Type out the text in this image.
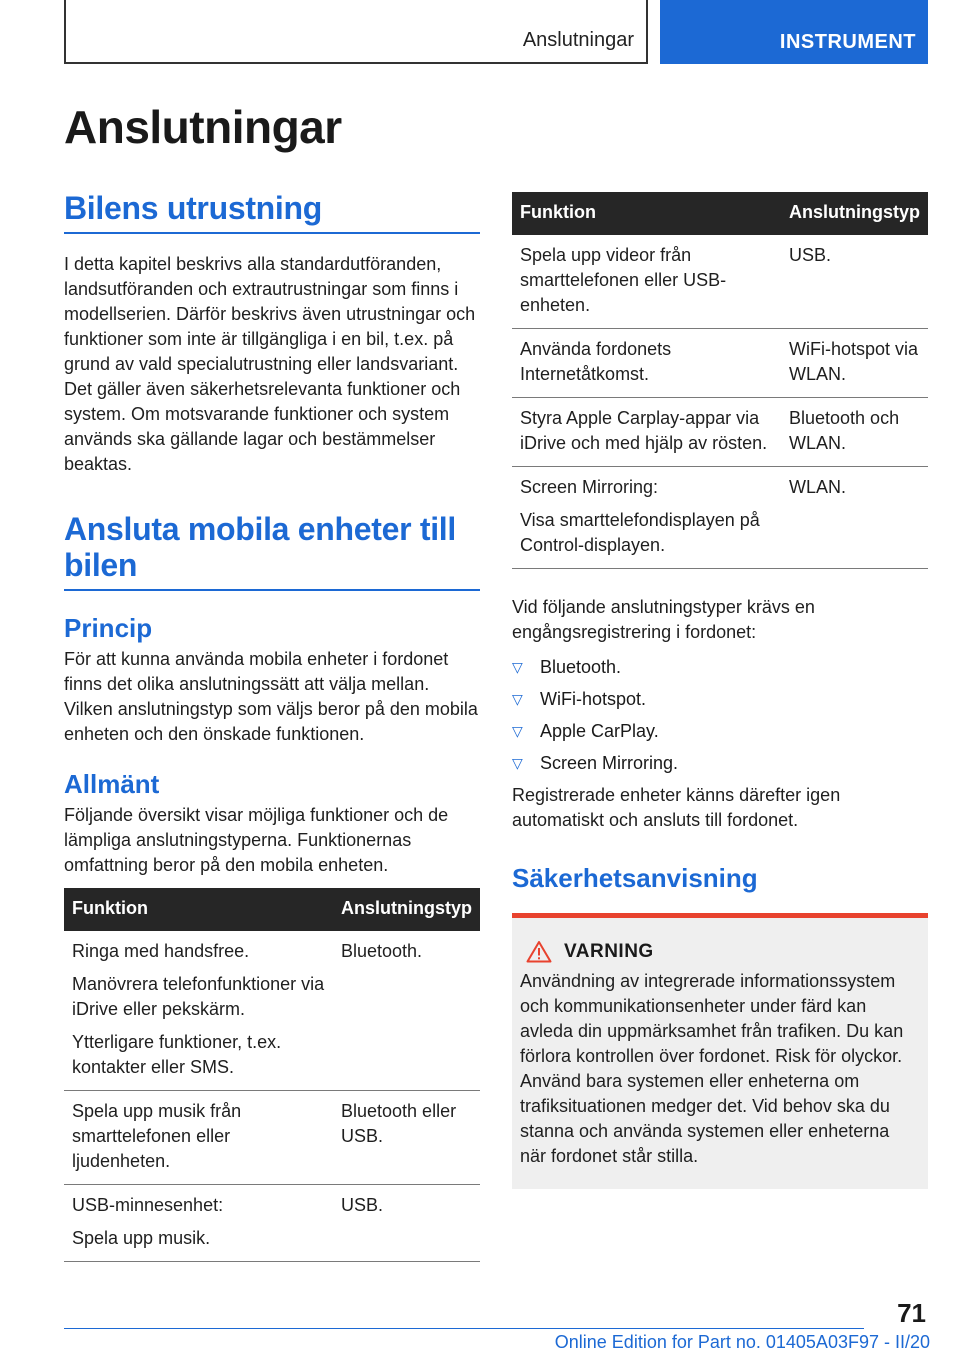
Anslutningar	INSTRUMENT
Anslutningar
Bilens utrustning

I detta kapitel beskrivs alla standardutföranden, landsutföranden och extrautrustningar som finns i modellserien. Därför beskrivs även utrustningar och funktioner som inte är tillgängliga i en bil, t.ex. på grund av vald specialutrustning eller landsvariant. Det gäller även säkerhetsrelevanta funktioner och system. Om motsvarande funktioner och system används ska gällande lagar och bestämmelser beaktas.

Ansluta mobila enheter till bilen
Princip

För att kunna använda mobila enheter i fordonet finns det olika anslutningssätt att välja mellan. Vilken anslutningstyp som väljs beror på den mobila enheten och den önskade funktionen.

Allmänt

Följande översikt visar möjliga funktioner och de lämpliga anslutningstyperna. Funktionernas omfattning beror på den mobila enheten.

Funktion	Anslutningstyp

Ringa med handsfree.

Manövrera telefonfunktioner via iDrive eller pekskärm.

Ytterligare funktioner, t.ex. kontakter eller SMS.	Bluetooth.

Spela upp musik från smarttelefonen eller ljudenheten.	Bluetooth eller USB.

USB-minnesenhet:

Spela upp musik.	USB.
Funktion	Anslutningstyp

Spela upp videor från smarttelefonen eller USB-enheten.	USB.

Använda fordonets Internetåtkomst.	WiFi-hotspot via WLAN.

Styra Apple Carplay-appar via iDrive och med hjälp av rösten.	Bluetooth och WLAN.

Screen Mirroring:

Visa smarttelefondisplayen på Control-displayen.	WLAN.

Vid följande anslutningstyper krävs en engångsregistrering i fordonet:

▽ Bluetooth.
▽ WiFi-hotspot.
▽ Apple CarPlay.
▽ Screen Mirroring.

Registrerade enheter känns därefter igen automatiskt och ansluts till fordonet.

Säkerhetsanvisning
VARNING

Användning av integrerade informationssystem och kommunikationsenheter under färd kan avleda din uppmärksamhet från trafiken. Du kan förlora kontrollen över fordonet. Risk för olyckor. Använd bara systemen eller enheterna om trafiksituationen medger det. Vid behov ska du stanna och använda systemen eller enheterna när fordonet står stilla.

71
Online Edition for Part no. 01405A03F97 - II/20
